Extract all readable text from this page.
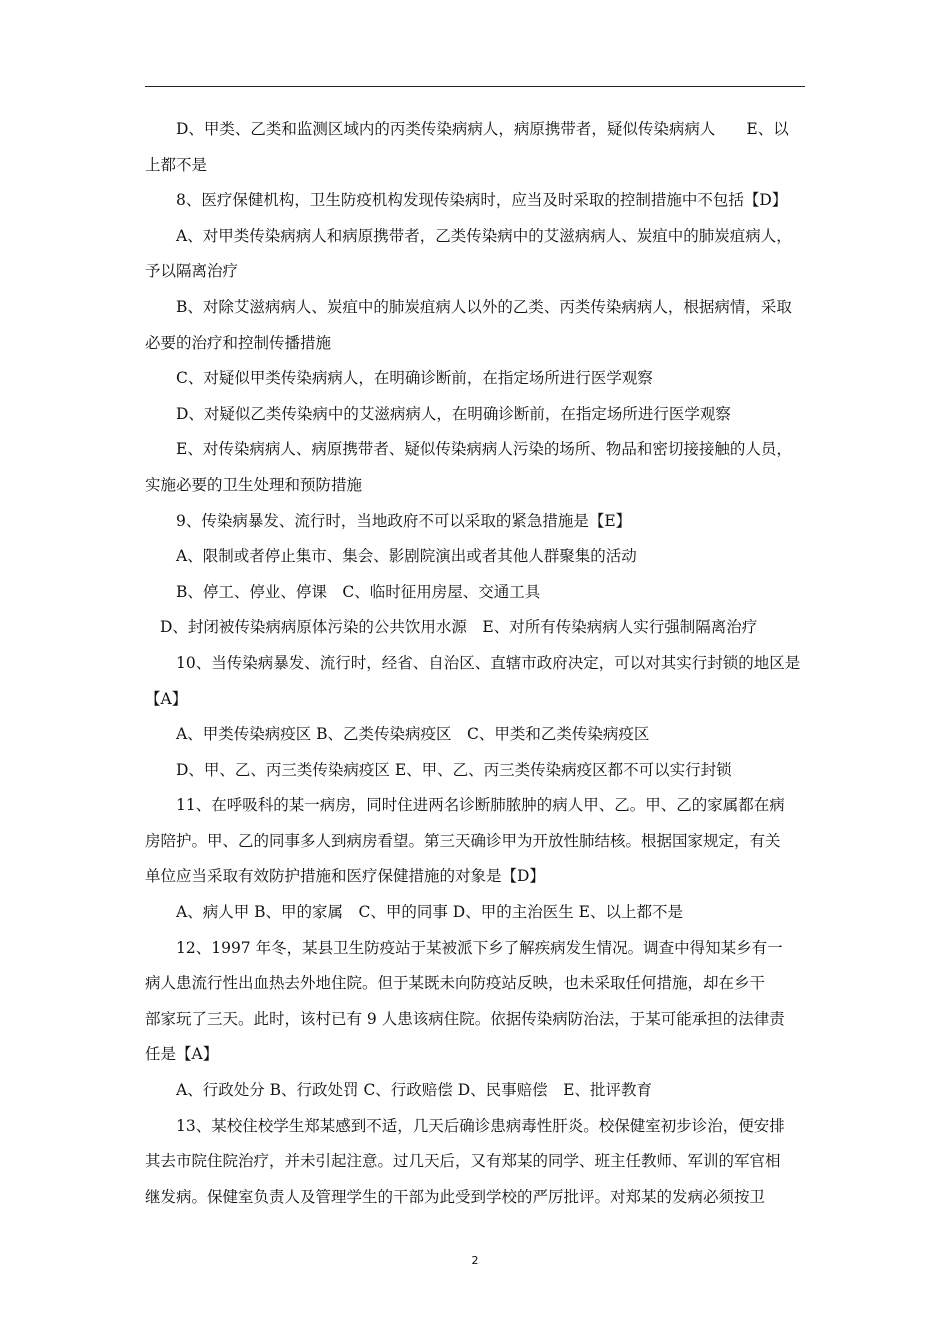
D、甲类、乙类和监测区域内的丙类传染病病人，病原携带者，疑似传染病病人　　E、以
上都不是
8、医疗保健机构，卫生防疫机构发现传染病时，应当及时采取的控制措施中不包括【D】
A、对甲类传染病病人和病原携带者，乙类传染病中的艾滋病病人、炭疽中的肺炭疽病人，
予以隔离治疗
B、对除艾滋病病人、炭疽中的肺炭疽病人以外的乙类、丙类传染病病人，根据病情，采取
必要的治疗和控制传播措施
C、对疑似甲类传染病病人，在明确诊断前，在指定场所进行医学观察
D、对疑似乙类传染病中的艾滋病病人，在明确诊断前，在指定场所进行医学观察
E、对传染病病人、病原携带者、疑似传染病病人污染的场所、物品和密切接接触的人员，
实施必要的卫生处理和预防措施
9、传染病暴发、流行时，当地政府不可以采取的紧急措施是【E】
A、限制或者停止集市、集会、影剧院演出或者其他人群聚集的活动
B、停工、停业、停课　C、临时征用房屋、交通工具
D、封闭被传染病病原体污染的公共饮用水源　E、对所有传染病病人实行强制隔离治疗
10、当传染病暴发、流行时，经省、自治区、直辖市政府决定，可以对其实行封锁的地区是
【A】
A、甲类传染病疫区 B、乙类传染病疫区　C、甲类和乙类传染病疫区
D、甲、乙、丙三类传染病疫区 E、甲、乙、丙三类传染病疫区都不可以实行封锁
11、在呼吸科的某一病房，同时住进两名诊断肺脓肿的病人甲、乙。甲、乙的家属都在病
房陪护。甲、乙的同事多人到病房看望。第三天确诊甲为开放性肺结核。根据国家规定，有关
单位应当采取有效防护措施和医疗保健措施的对象是【D】
A、病人甲 B、甲的家属　C、甲的同事 D、甲的主治医生 E、以上都不是
12、1997 年冬，某县卫生防疫站于某被派下乡了解疾病发生情况。调查中得知某乡有一
病人患流行性出血热去外地住院。但于某既未向防疫站反映，也未采取任何措施，却在乡干
部家玩了三天。此时，该村已有 9 人患该病住院。依据传染病防治法，于某可能承担的法律责
任是【A】
A、行政处分 B、行政处罚 C、行政赔偿 D、民事赔偿　E、批评教育
13、某校住校学生郑某感到不适，几天后确诊患病毒性肝炎。校保健室初步诊治，便安排
其去市院住院治疗，并未引起注意。过几天后，又有郑某的同学、班主任教师、军训的军官相
继发病。保健室负责人及管理学生的干部为此受到学校的严厉批评。对郑某的发病必须按卫
2
